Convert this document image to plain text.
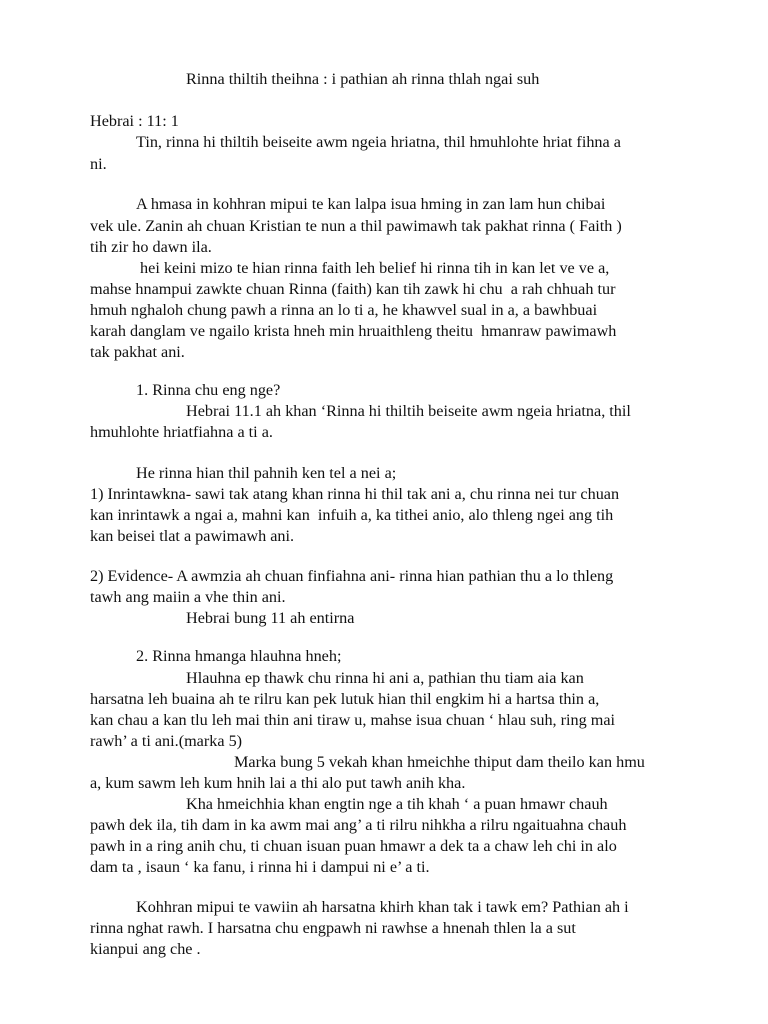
Rinna thiltih theihna : i pathian ah rinna thlah ngai suh
Hebrai : 11: 1
Tin, rinna hi thiltih beiseite awm ngeia hriatna, thil hmuhlohte hriat fihna a
ni.
A hmasa in kohhran mipui te kan lalpa isua hming in zan lam hun chibai
vek ule. Zanin ah chuan Kristian te nun a thil pawimawh tak pakhat rinna ( Faith )
tih zir ho dawn ila.
hei keini mizo te hian rinna faith leh belief hi rinna tih in kan let ve ve a,
mahse hnampui zawkte chuan Rinna (faith) kan tih zawk hi chu  a rah chhuah tur
hmuh nghaloh chung pawh a rinna an lo ti a, he khawvel sual in a, a bawhbuai
karah danglam ve ngailo krista hneh min hruaithleng theitu  hmanraw pawimawh
tak pakhat ani.
1. Rinna chu eng nge?
Hebrai 11.1 ah khan ‘Rinna hi thiltih beiseite awm ngeia hriatna, thil
hmuhlohte hriatfiahna a ti a.
He rinna hian thil pahnih ken tel a nei a;
1) Inrintawkna- sawi tak atang khan rinna hi thil tak ani a, chu rinna nei tur chuan
kan inrintawk a ngai a, mahni kan  infuih a, ka tithei anio, alo thleng ngei ang tih
kan beisei tlat a pawimawh ani.
2) Evidence- A awmzia ah chuan finfiahna ani- rinna hian pathian thu a lo thleng
tawh ang maiin a vhe thin ani.
Hebrai bung 11 ah entirna
2. Rinna hmanga hlauhna hneh;
Hlauhna ep thawk chu rinna hi ani a, pathian thu tiam aia kan
harsatna leh buaina ah te rilru kan pek lutuk hian thil engkim hi a hartsa thin a,
kan chau a kan tlu leh mai thin ani tiraw u, mahse isua chuan ‘ hlau suh, ring mai
rawh’ a ti ani.(marka 5)
Marka bung 5 vekah khan hmeichhe thiput dam theilo kan hmu
a, kum sawm leh kum hnih lai a thi alo put tawh anih kha.
Kha hmeichhia khan engtin nge a tih khah ‘ a puan hmawr chauh
pawh dek ila, tih dam in ka awm mai ang’ a ti rilru nihkha a rilru ngaituahna chauh
pawh in a ring anih chu, ti chuan isuan puan hmawr a dek ta a chaw leh chi in alo
dam ta , isaun ‘ ka fanu, i rinna hi i dampui ni e’ a ti.
Kohhran mipui te vawiin ah harsatna khirh khan tak i tawk em? Pathian ah i
rinna nghat rawh. I harsatna chu engpawh ni rawhse a hnenah thlen la a sut
kianpui ang che .
